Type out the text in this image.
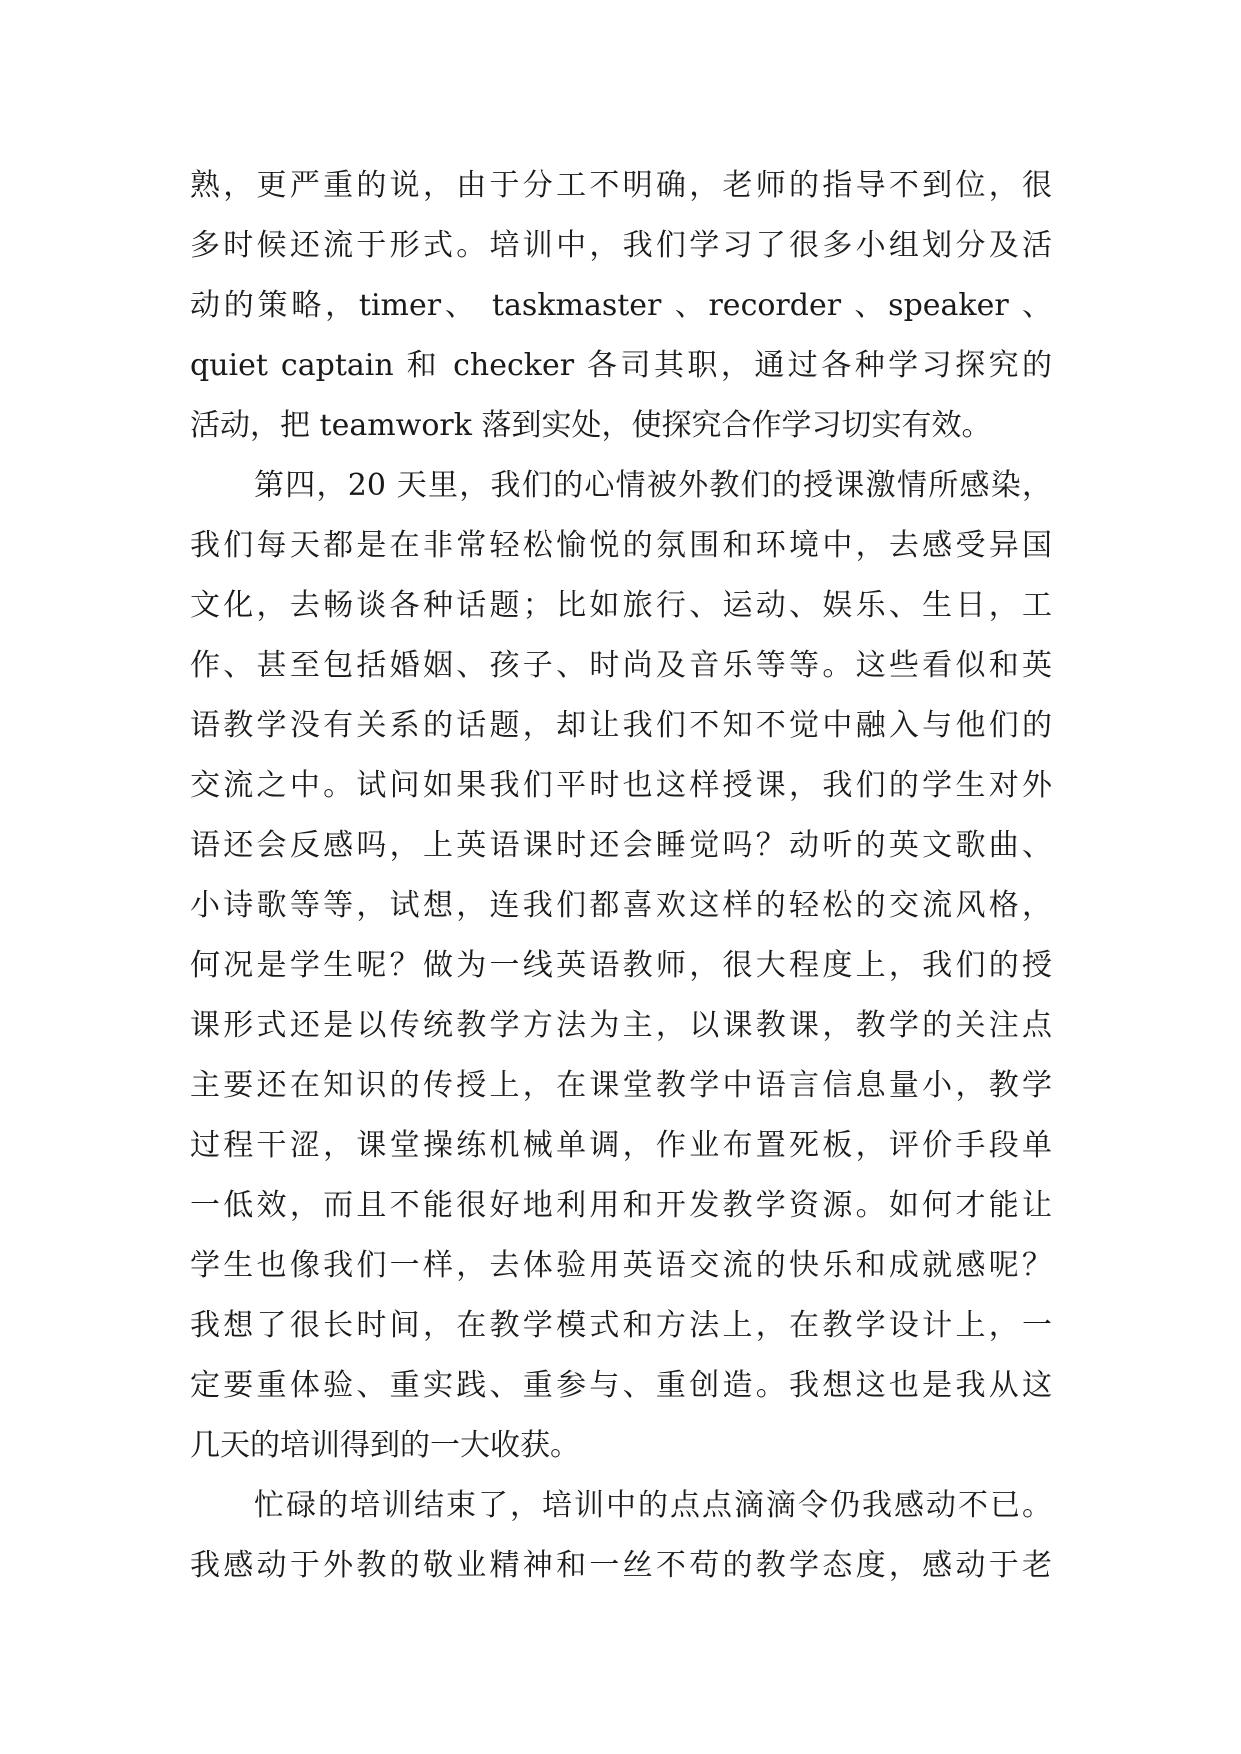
熟，更严重的说，由于分工不明确，老师的指导不到位，很
多时候还流于形式。培训中，我们学习了很多小组划分及活
动的策略，timer、 taskmaster 、recorder 、speaker 、
quiet captain 和 checker 各司其职，通过各种学习探究的
活动，把 teamwork 落到实处，使探究合作学习切实有效。
第四，20 天里，我们的心情被外教们的授课激情所感染，
我们每天都是在非常轻松愉悦的氛围和环境中，去感受异国
文化，去畅谈各种话题；比如旅行、运动、娱乐、生日，工
作、甚至包括婚姻、孩子、时尚及音乐等等。这些看似和英
语教学没有关系的话题，却让我们不知不觉中融入与他们的
交流之中。试问如果我们平时也这样授课，我们的学生对外
语还会反感吗，上英语课时还会睡觉吗？动听的英文歌曲、
小诗歌等等，试想，连我们都喜欢这样的轻松的交流风格，
何况是学生呢？做为一线英语教师，很大程度上，我们的授
课形式还是以传统教学方法为主，以课教课，教学的关注点
主要还在知识的传授上，在课堂教学中语言信息量小，教学
过程干涩，课堂操练机械单调，作业布置死板，评价手段单
一低效，而且不能很好地利用和开发教学资源。如何才能让
学生也像我们一样，去体验用英语交流的快乐和成就感呢？
我想了很长时间，在教学模式和方法上，在教学设计上，一
定要重体验、重实践、重参与、重创造。我想这也是我从这
几天的培训得到的一大收获。
忙碌的培训结束了，培训中的点点滴滴令仍我感动不已。
我感动于外教的敬业精神和一丝不苟的教学态度，感动于老
